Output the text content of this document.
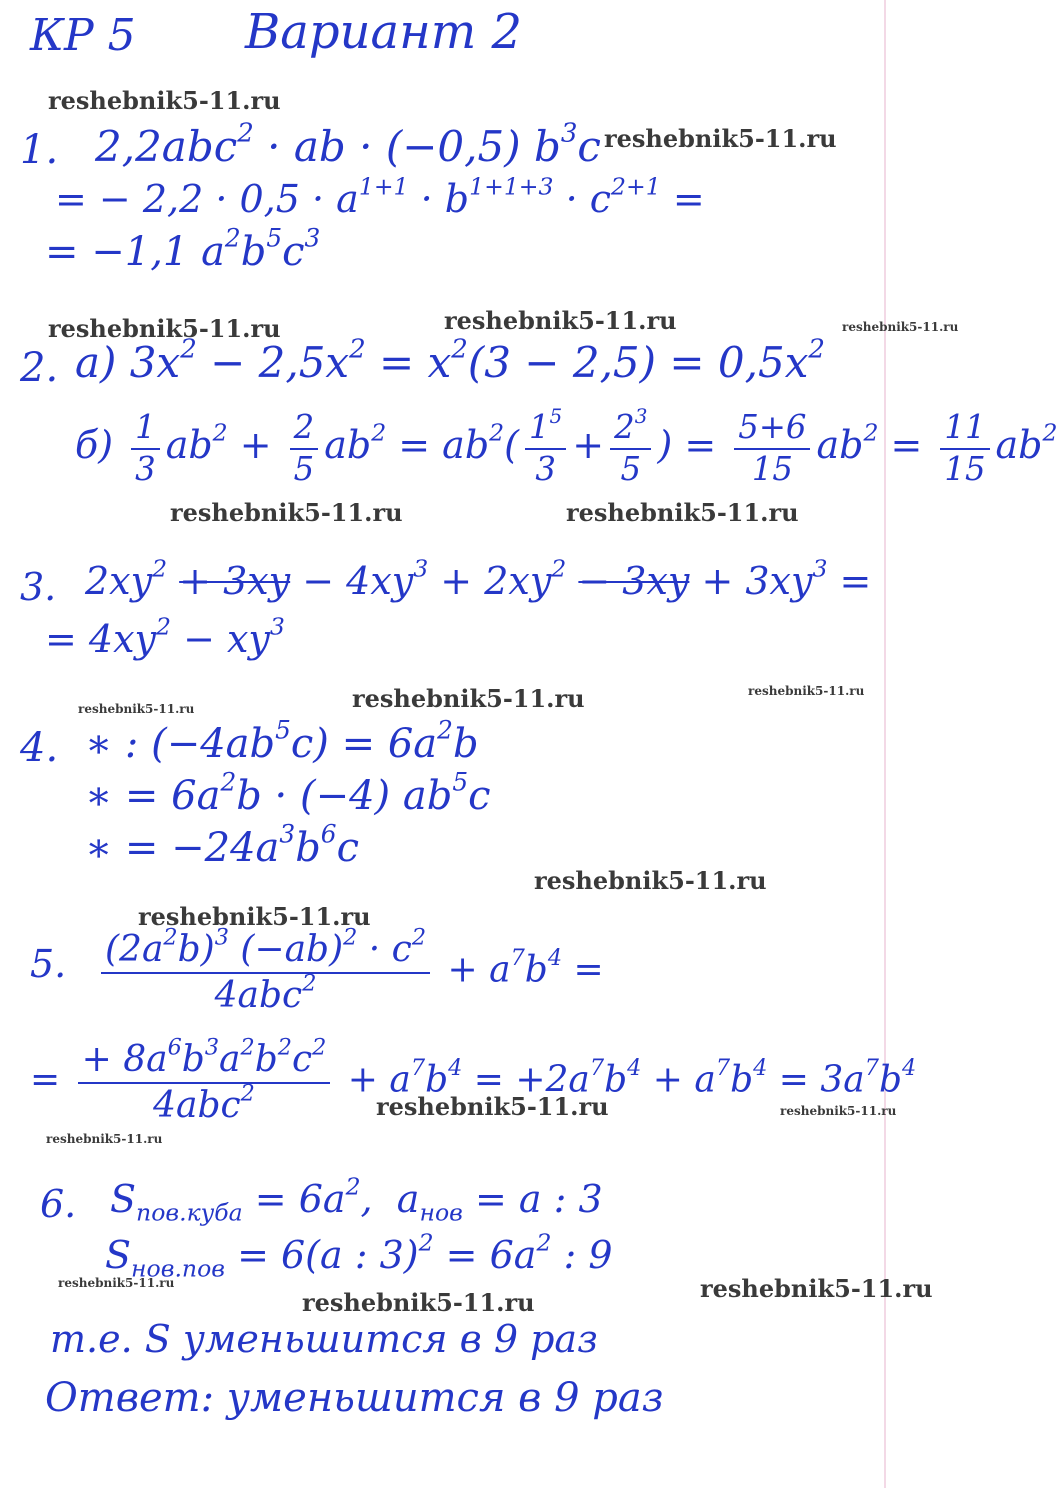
КР 5 Вариант 2
1. 2,2abc$^2$ · ab · (−0,5) $b^3c$
= − $2,2 \cdot 0,5 \cdot a^{1+1} \cdot b^{1+1+3} \cdot c^{2+1}$ =
= −1,1 $a^2b^5c^3$
2. а) $3x^2 - 2,5x^2 = x^2(3 - 2,5) = 0,5x^2$
$б) \frac{1}{3} ab^2 + \frac{2}{5} ab^2 = ab^2( \frac{1^5}{3} + \frac{2^3}{5}$ ) = $\frac{5+6}{15} ab^2 = \frac{11}{15} ab^2$
3. $2xy^2 + 3xy - 4xy^3 + 2xy^2 - 3xy + 3xy^3$ =
= $4xy^2 - xy^3$
4. ∗ : $(-4ab^5c) = 6a^2b$
∗ = $6a^2b \cdot (-4)$ $ab^5c$
∗ = $-24a^3b^6c$
5. $\frac{(2a^2b)^3 (-ab)^2 \cdot c^2}{4abc^2} + a^7b^4$ =
= $\frac{+ 8a^6b^3a^2b^2c^2}{4abc^2} + a^7b^4 = +2a^7b^4 + a^7b^4 = 3a^7b^4$
6. $S_{пов.куба} = 6a^2$,  $a_{нов} = a$ : 3
$S_{нов.пов} = 6(a$ : $3)^2 = 6a^2$ : 9
т.е. S уменьшится в 9 раз
Ответ: уменьшится в 9 раз
reshebnik5-11.ru
reshebnik5-11.ru
reshebnik5-11.ru	reshebnik5-11.ru	reshebnik5-11.ru
reshebnik5-11.ru	reshebnik5-11.ru
reshebnik5-11.ru	reshebnik5-11.ru	reshebnik5-11.ru
reshebnik5-11.ru
reshebnik5-11.ru
reshebnik5-11.ru	reshebnik5-11.ru
reshebnik5-11.ru
reshebnik5-11.ru	reshebnik5-11.ru
reshebnik5-11.ru
